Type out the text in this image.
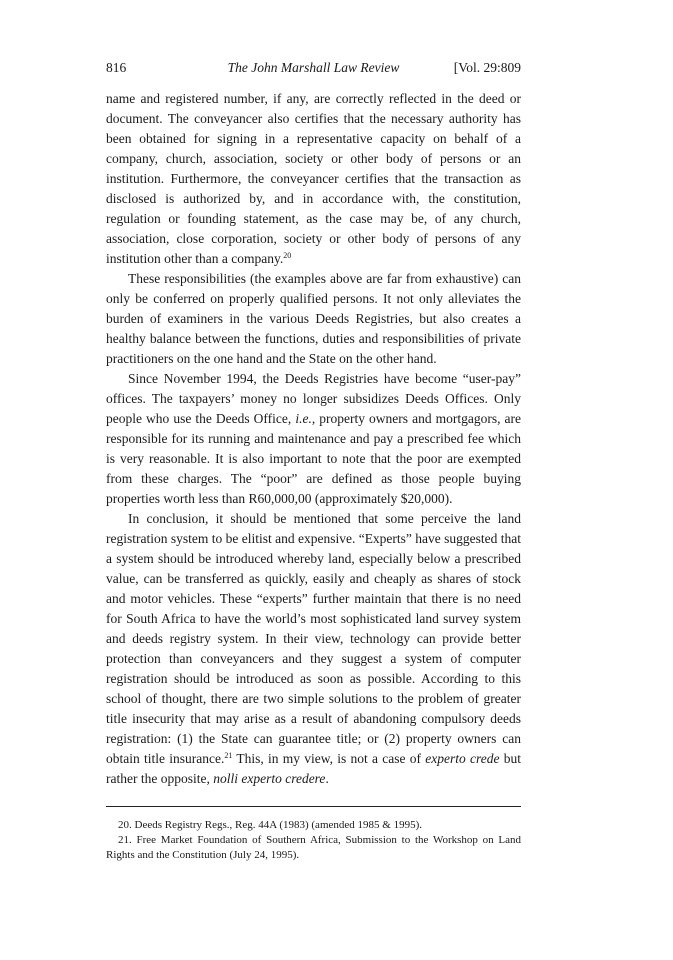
816	The John Marshall Law Review	[Vol. 29:809

name and registered number, if any, are correctly reflected in the deed or document. The conveyancer also certifies that the necessary authority has been obtained for signing in a representative capacity on behalf of a company, church, association, society or other body of persons or an institution. Furthermore, the conveyancer certifies that the transaction as disclosed is authorized by, and in accordance with, the constitution, regulation or founding statement, as the case may be, of any church, association, close corporation, society or other body of persons of any institution other than a company.$^{20}$

These responsibilities (the examples above are far from exhaustive) can only be conferred on properly qualified persons. It not only alleviates the burden of examiners in the various Deeds Registries, but also creates a healthy balance between the functions, duties and responsibilities of private practitioners on the one hand and the State on the other hand.

Since November 1994, the Deeds Registries have become “user-pay” offices. The taxpayers’ money no longer subsidizes Deeds Offices. Only people who use the Deeds Office, i.e., property owners and mortgagors, are responsible for its running and maintenance and pay a prescribed fee which is very reasonable. It is also important to note that the poor are exempted from these charges. The “poor” are defined as those people buying properties worth less than R60,000,00 (approximately $20,000).

In conclusion, it should be mentioned that some perceive the land registration system to be elitist and expensive. “Experts” have suggested that a system should be introduced whereby land, especially below a prescribed value, can be transferred as quickly, easily and cheaply as shares of stock and motor vehicles. These “experts” further maintain that there is no need for South Africa to have the world’s most sophisticated land survey system and deeds registry system. In their view, technology can provide better protection than conveyancers and they suggest a system of computer registration should be introduced as soon as possible. According to this school of thought, there are two simple solutions to the problem of greater title insecurity that may arise as a result of abandoning compulsory deeds registration: (1) the State can guarantee title; or (2) property owners can obtain title insurance.$^{21}$ This, in my view, is not a case of experto crede but rather the opposite, nolli experto credere.

20. Deeds Registry Regs., Reg. 44A (1983) (amended 1985 & 1995).

21. Free Market Foundation of Southern Africa, Submission to the Workshop on Land Rights and the Constitution (July 24, 1995).
